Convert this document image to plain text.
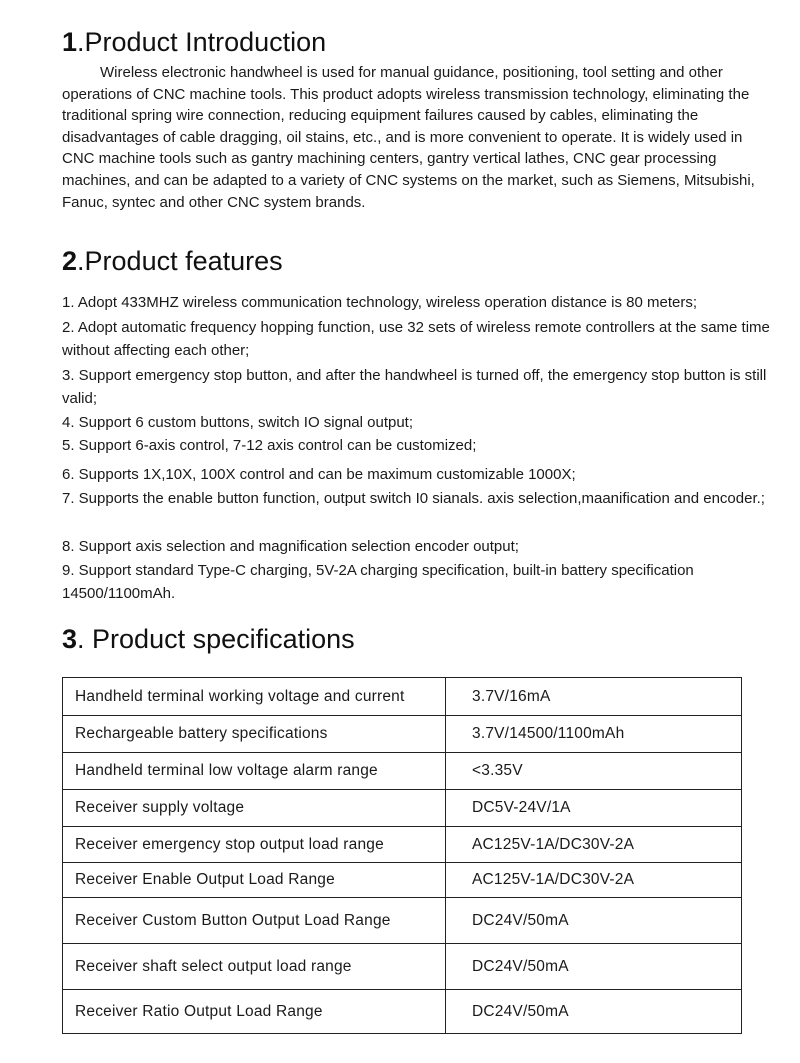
1.Product Introduction

Wireless electronic handwheel is used for manual guidance, positioning, tool setting and other operations of CNC machine tools. This product adopts wireless transmission technology, eliminating the traditional spring wire connection, reducing equipment failures caused by cables, eliminating the disadvantages of cable dragging, oil stains, etc., and is more convenient to operate. It is widely used in CNC machine tools such as gantry machining centers, gantry vertical lathes, CNC gear processing machines, and can be adapted to a variety of CNC systems on the market, such as Siemens, Mitsubishi, Fanuc, syntec and other CNC system brands.

2.Product features

1. Adopt 433MHZ wireless communication technology, wireless operation distance is 80 meters;

2. Adopt automatic frequency hopping function, use 32 sets of wireless remote controllers at the same time without affecting each other;

3. Support emergency stop button, and after the handwheel is turned off, the emergency stop button is still valid;

4. Support 6 custom buttons, switch IO signal output;

5. Support 6-axis control, 7-12 axis control can be customized;

6. Supports 1X,10X, 100X control and can be maximum customizable 1000X;

7. Supports the enable button function, output switch I0 sianals. axis selection,maanification and encoder.;

8. Support axis selection and magnification selection encoder output;

9. Support standard Type-C charging, 5V-2A charging specification, built-in battery specification 14500/1100mAh.

3. Product specifications
Handheld terminal working voltage and current	3.7V/16mA
Rechargeable battery specifications	3.7V/14500/1100mAh
Handheld terminal low voltage alarm range	<3.35V
Receiver supply voltage	DC5V-24V/1A
Receiver emergency stop output load range	AC125V-1A/DC30V-2A
Receiver Enable Output Load Range	AC125V-1A/DC30V-2A
Receiver Custom Button Output Load Range	DC24V/50mA
Receiver shaft select output load range	DC24V/50mA
Receiver Ratio Output Load Range	DC24V/50mA
